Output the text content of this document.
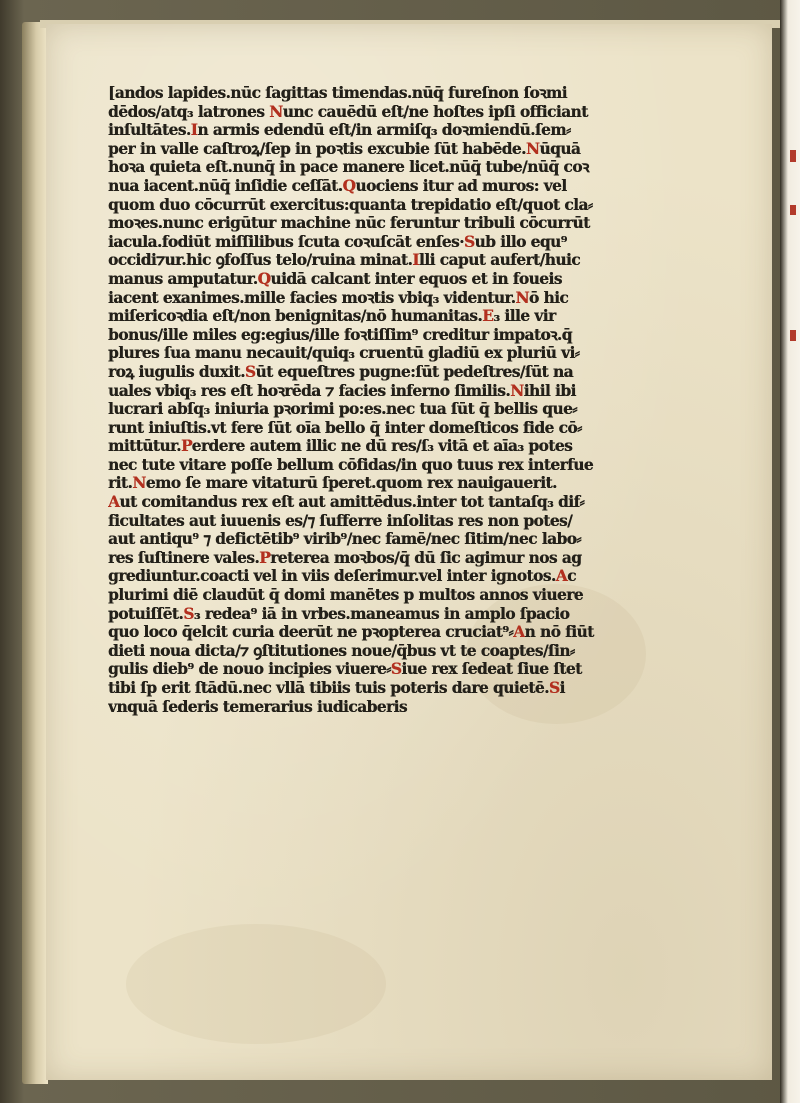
[andos lapides.nūc ſagittas timendas.nūq̄ fureſnon ſoꝛmi
dēdos/atq₃ latrones Nunc cauēdū eſt/ne hoſtes ipſi officiant
inſultātes.In armis edendū eſt/in armiſq₃ doꝛmiendū.ſem⸗
per in valle caſtroꝝ/ſep in poꝛtis excubie ſūt habēde.Nūquā
hoꝛa quieta eſt.nunq̄ in pace manere licet.nūq̄ tube/nūq̄ coꝛ
nua iacent.nūq̄ inſidie ceſſāt.Quociens itur ad muros: vel
quom duo cōcurrūt exercitus:quanta trepidatio eſt/quot cla⸗
moꝛes.nunc erigūtur machine nūc feruntur tribuli cōcurrūt
iacula.fodiūt miſſilibus ſcuta coꝛuſcāt enſes·Sub illo equ⁹
occidi⁊ur.hic ꝯfoſſus telo/ruina minat.Illi caput aufert/huic
manus amputatur.Quidā calcant inter equos et in foueis
iacent exanimes.mille facies moꝛtis vbiq₃ videntur.Nō hic
miſericoꝛdia eſt/non benignitas/nō humanitas.E₃ ille vir
bonus/ille miles eg:egius/ille foꝛtiſſim⁹ creditur impatoꝛ.q̄
plures ſua manu necauit/quiq₃ cruentū gladiū ex pluriū vi⸗
roꝝ iugulis duxit.Sūt equeſtres pugne:ſūt pedeſtres/ſūt na
uales vbiq₃ res eſt hoꝛrēda ⁊ facies inferno ſimilis.Nihil ibi
lucrari abſq₃ iniuria pꝛorimi po:es.nec tua ſūt q̄ bellis que⸗
runt iniuſtis.vt fere ſūt oīa bello q̄ inter domeſticos fide cō⸗
mittūtur.Perdere autem illic ne dū res/ſ₃ vitā et aīa₃ potes
nec tute vitare poſſe bellum cōfidas/in quo tuus rex interfue
rit.Nemo ſe mare vitaturū ſperet.quom rex nauigauerit.
Aut comitandus rex eſt aut amittēdus.inter tot tantaſq₃ dif⸗
ficultates aut iuuenis es/⁊ ſufferre inſolitas res non potes/
aut antiqu⁹ ⁊ defictētib⁹ virib⁹/nec famē/nec ſitim/nec labo⸗
res ſuſtinere vales.Preterea moꝛbos/q̄ dū ſic agimur nos ag
grediuntur.coacti vel in viis deſerimur.vel inter ignotos.Ac
plurimi diē claudūt q̄ domi manētes p multos annos viuere
potuiſſēt.S₃ redea⁹ iā in vrbes.maneamus in amplo ſpacio
quo loco q̄elcit curia deerūt ne pꝛopterea cruciat⁹⸗An nō fiūt
dieti noua dicta/⁊ ꝯſtitutiones noue/q̄bus vt te coaptes/ſin⸗
gulis dieb⁹ de nouo incipies viuere⸗Siue rex ſedeat ſiue ſtet
tibi ſp erit ſtādū.nec vllā tibiis tuis poteris dare quietē.Si
vnquā ſederis temerarius iudicaberis
